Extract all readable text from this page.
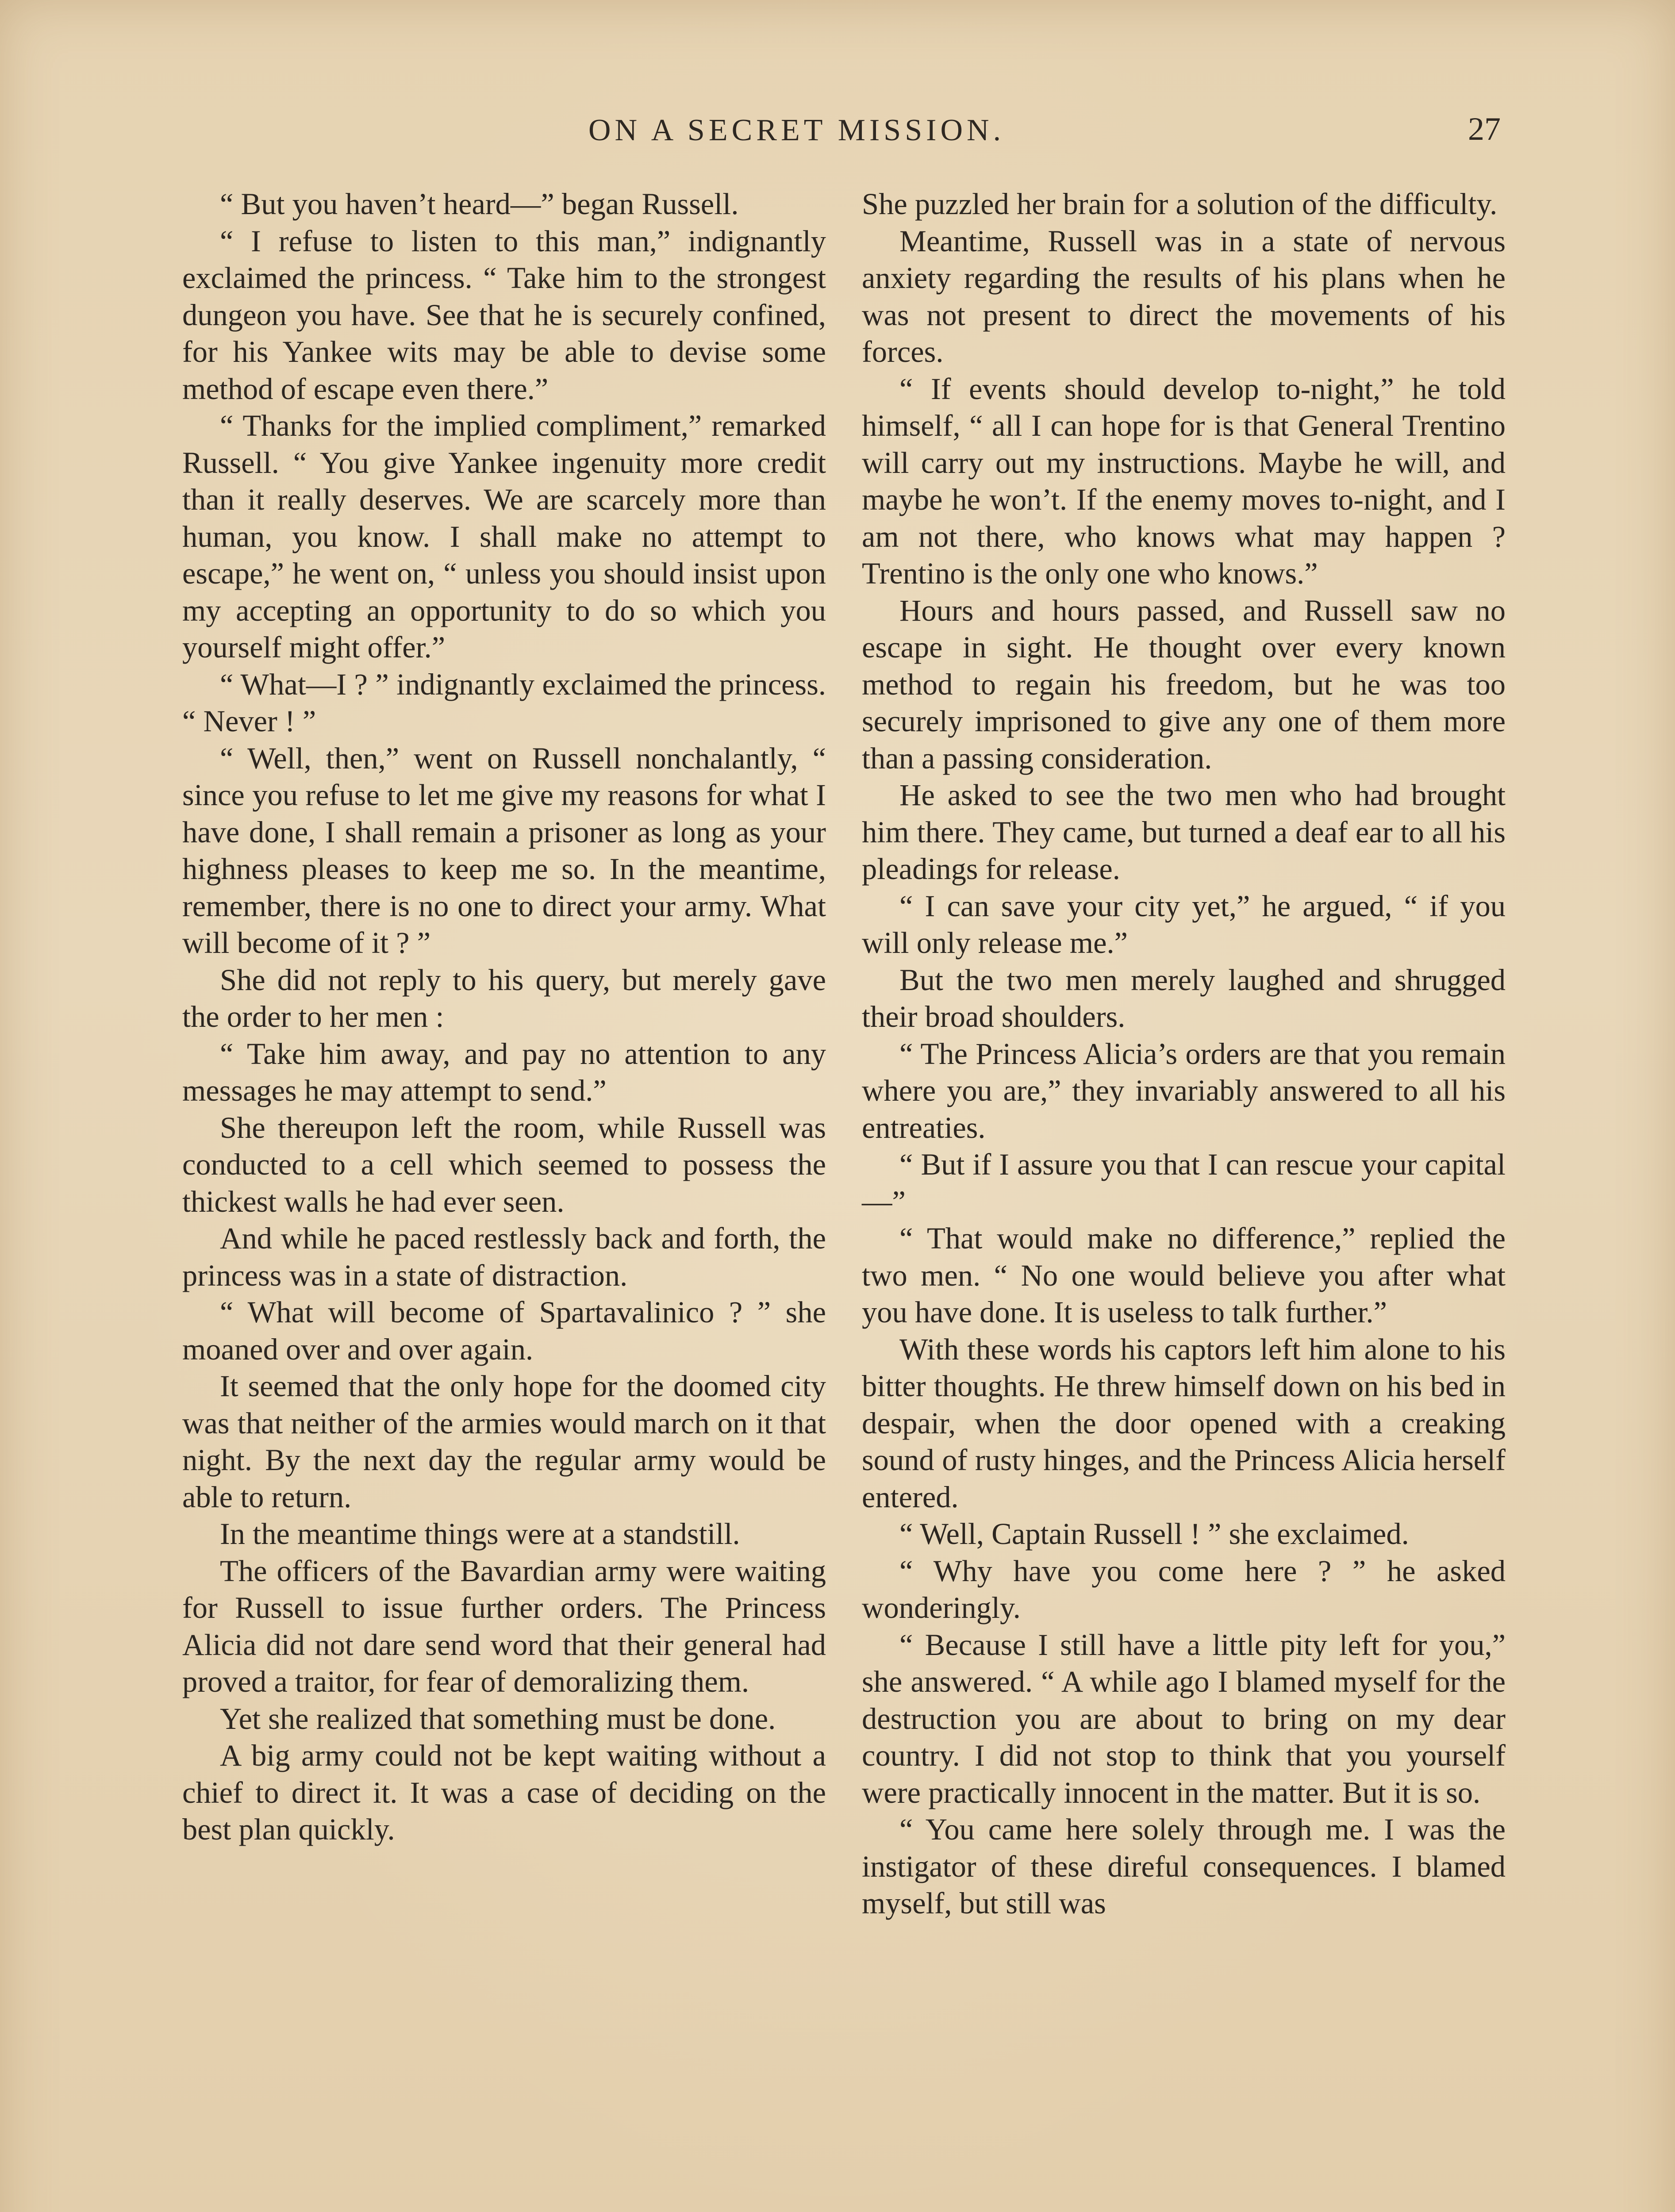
ON A SECRET MISSION.	27

“ But you haven’t heard—” began Russell.

“ I refuse to listen to this man,” indignantly exclaimed the princess. “ Take him to the strongest dungeon you have. See that he is securely confined, for his Yankee wits may be able to devise some method of escape even there.”

“ Thanks for the implied compliment,” remarked Russell. “ You give Yankee ingenuity more credit than it really deserves. We are scarcely more than human, you know. I shall make no attempt to escape,” he went on, “ unless you should insist upon my accepting an opportunity to do so which you yourself might offer.”

“ What—I ? ” indignantly exclaimed the princess. “ Never ! ”

“ Well, then,” went on Russell nonchalantly, “ since you refuse to let me give my reasons for what I have done, I shall remain a prisoner as long as your highness pleases to keep me so. In the meantime, remember, there is no one to direct your army. What will become of it ? ”

She did not reply to his query, but merely gave the order to her men :

“ Take him away, and pay no attention to any messages he may attempt to send.”

She thereupon left the room, while Russell was conducted to a cell which seemed to possess the thickest walls he had ever seen.

And while he paced restlessly back and forth, the princess was in a state of distraction.

“ What will become of Spartavalinico ? ” she moaned over and over again.

It seemed that the only hope for the doomed city was that neither of the armies would march on it that night. By the next day the regular army would be able to return.

In the meantime things were at a standstill.

The officers of the Bavardian army were waiting for Russell to issue further orders. The Princess Alicia did not dare send word that their general had proved a traitor, for fear of demoralizing them.

Yet she realized that something must be done.

A big army could not be kept waiting without a chief to direct it. It was a case of deciding on the best plan quickly.

She puzzled her brain for a solution of the difficulty.

Meantime, Russell was in a state of nervous anxiety regarding the results of his plans when he was not present to direct the movements of his forces.

“ If events should develop to-night,” he told himself, “ all I can hope for is that General Trentino will carry out my instructions. Maybe he will, and maybe he won’t. If the enemy moves to-night, and I am not there, who knows what may happen ? Trentino is the only one who knows.”

Hours and hours passed, and Russell saw no escape in sight. He thought over every known method to regain his freedom, but he was too securely imprisoned to give any one of them more than a passing consideration.

He asked to see the two men who had brought him there. They came, but turned a deaf ear to all his pleadings for release.

“ I can save your city yet,” he argued, “ if you will only release me.”

But the two men merely laughed and shrugged their broad shoulders.

“ The Princess Alicia’s orders are that you remain where you are,” they invariably answered to all his entreaties.

“ But if I assure you that I can rescue your capital—”

“ That would make no difference,” replied the two men. “ No one would believe you after what you have done. It is useless to talk further.”

With these words his captors left him alone to his bitter thoughts. He threw himself down on his bed in despair, when the door opened with a creaking sound of rusty hinges, and the Princess Alicia herself entered.

“ Well, Captain Russell ! ” she exclaimed.

“ Why have you come here ? ” he asked wonderingly.

“ Because I still have a little pity left for you,” she answered. “ A while ago I blamed myself for the destruction you are about to bring on my dear country. I did not stop to think that you yourself were practically innocent in the matter. But it is so.

“ You came here solely through me. I was the instigator of these direful consequences. I blamed myself, but still was
